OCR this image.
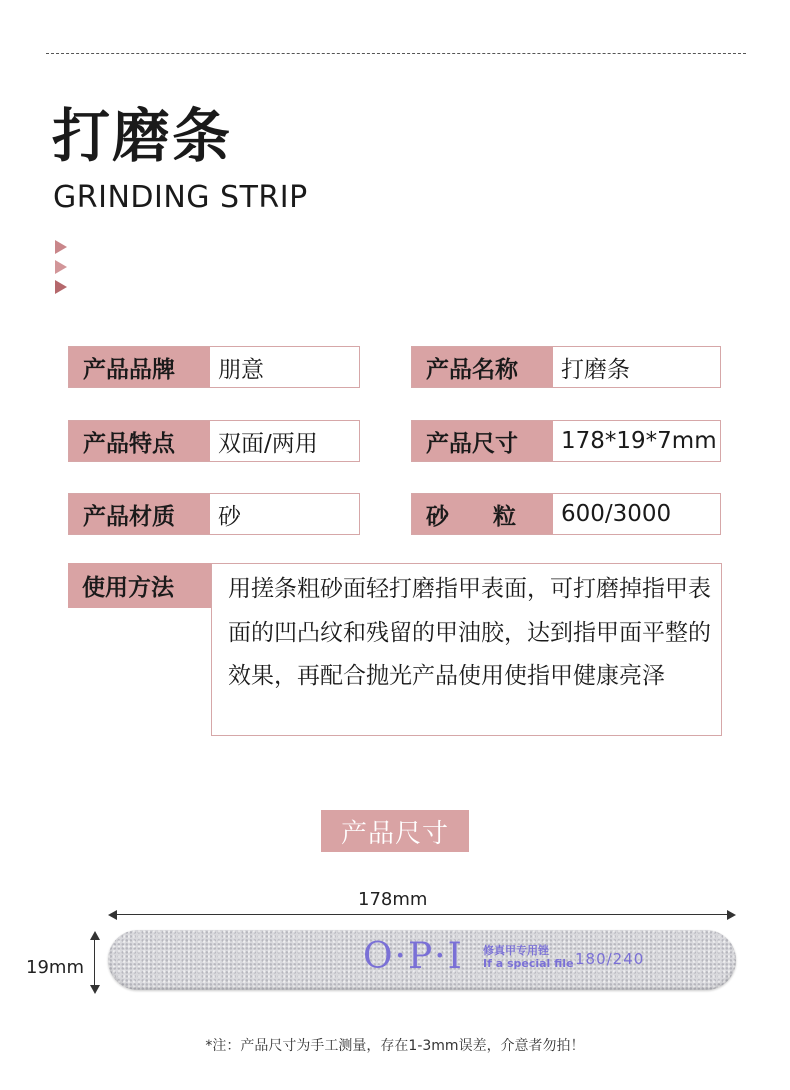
打磨条
GRINDING STRIP
产品品牌	朋意	产品名称	打磨条
产品特点	双面/两用	产品尺寸	178*19*7mm
产品材质	砂	砂粒 600/3000
使用方法	用搓条粗砂面轻打磨指甲表面，可打磨掉指甲表面的凹凸纹和残留的甲油胶，达到指甲面平整的效果，再配合抛光产品使用使指甲健康亮泽
产品尺寸
178mm
19mm	O·P·I 修真甲专用锉
If a special file 180/240
*注：产品尺寸为手工测量，存在1-3mm误差，介意者勿拍！
